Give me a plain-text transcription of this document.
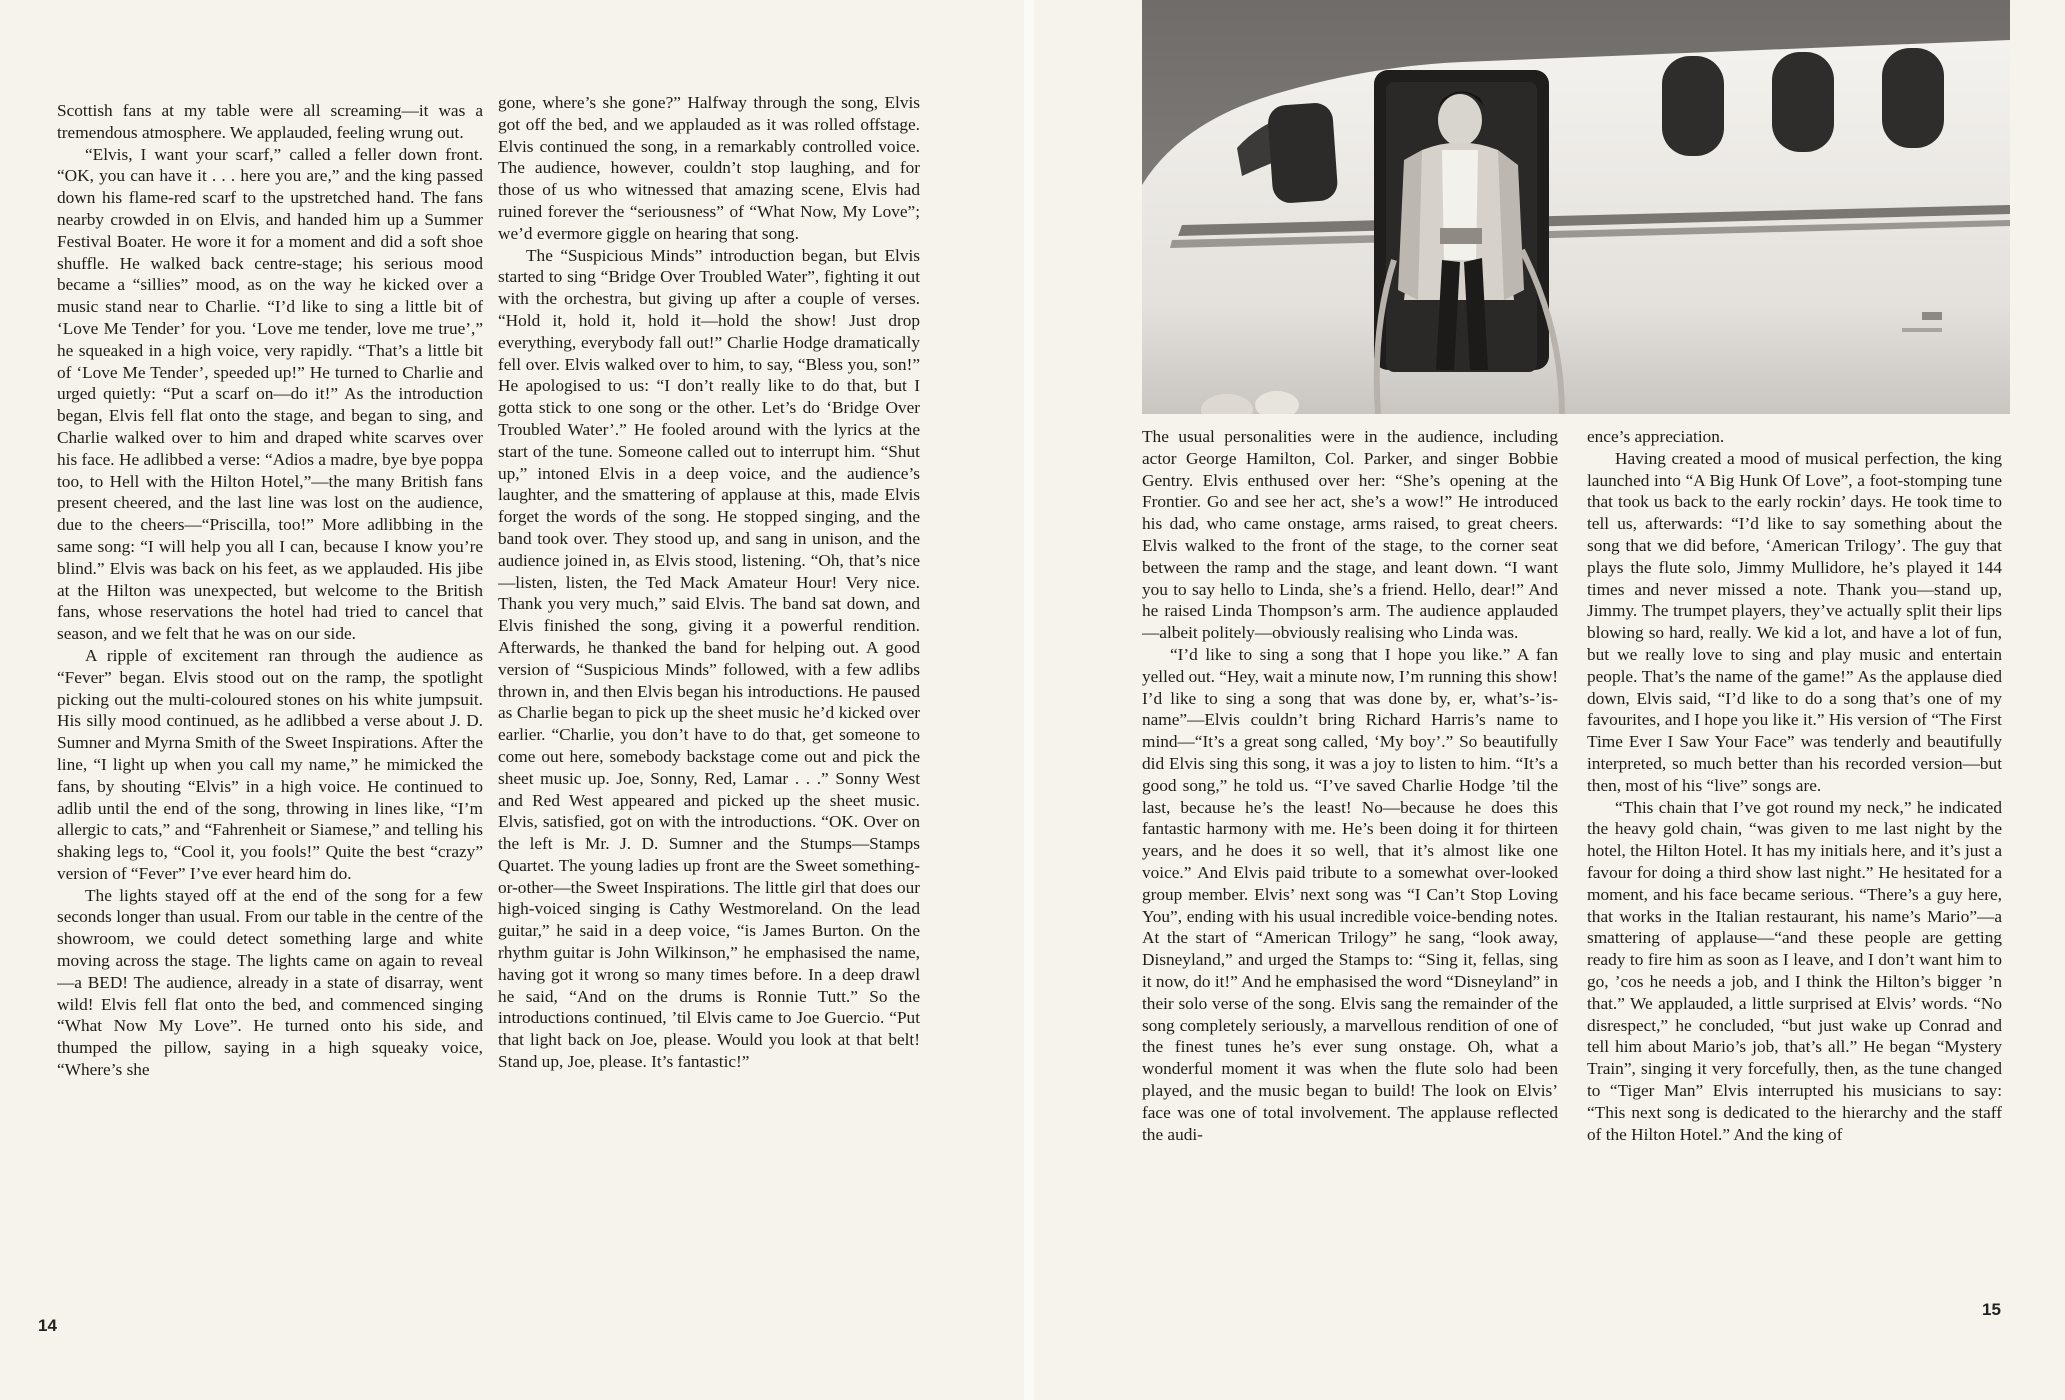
Scottish fans at my table were all screaming—it was a tremendous atmosphere. We applauded, feeling wrung out.

“Elvis, I want your scarf,” called a feller down front. “OK, you can have it . . . here you are,” and the king passed down his flame-red scarf to the upstretched hand. The fans nearby crowded in on Elvis, and handed him up a Summer Festival Boater. He wore it for a moment and did a soft shoe shuffle. He walked back centre-stage; his serious mood became a “sillies” mood, as on the way he kicked over a music stand near to Charlie. “I’d like to sing a little bit of ‘Love Me Tender’ for you. ‘Love me tender, love me true’,” he squeaked in a high voice, very rapidly. “That’s a little bit of ‘Love Me Tender’, speeded up!” He turned to Charlie and urged quietly: “Put a scarf on—do it!” As the introduction began, Elvis fell flat onto the stage, and began to sing, and Charlie walked over to him and draped white scarves over his face. He adlibbed a verse: “Adios a madre, bye bye poppa too, to Hell with the Hilton Hotel,”—the many British fans present cheered, and the last line was lost on the audience, due to the cheers—“Priscilla, too!” More adlibbing in the same song: “I will help you all I can, because I know you’re blind.” Elvis was back on his feet, as we applauded. His jibe at the Hilton was unexpected, but welcome to the British fans, whose reservations the hotel had tried to cancel that season, and we felt that he was on our side.

A ripple of excitement ran through the audience as “Fever” began. Elvis stood out on the ramp, the spotlight picking out the multi-coloured stones on his white jumpsuit. His silly mood continued, as he adlibbed a verse about J. D. Sumner and Myrna Smith of the Sweet Inspirations. After the line, “I light up when you call my name,” he mimicked the fans, by shouting “Elvis” in a high voice. He continued to adlib until the end of the song, throwing in lines like, “I’m allergic to cats,” and “Fahrenheit or Siamese,” and telling his shaking legs to, “Cool it, you fools!” Quite the best “crazy” version of “Fever” I’ve ever heard him do.

The lights stayed off at the end of the song for a few seconds longer than usual. From our table in the centre of the showroom, we could detect something large and white moving across the stage. The lights came on again to reveal—a BED! The audience, already in a state of disarray, went wild! Elvis fell flat onto the bed, and commenced singing “What Now My Love”. He turned onto his side, and thumped the pillow, saying in a high squeaky voice, “Where’s she

gone, where’s she gone?” Halfway through the song, Elvis got off the bed, and we applauded as it was rolled offstage. Elvis continued the song, in a remarkably controlled voice. The audience, however, couldn’t stop laughing, and for those of us who witnessed that amazing scene, Elvis had ruined forever the “seriousness” of “What Now, My Love”; we’d evermore giggle on hearing that song.

The “Suspicious Minds” introduction began, but Elvis started to sing “Bridge Over Troubled Water”, fighting it out with the orchestra, but giving up after a couple of verses. “Hold it, hold it, hold it—hold the show! Just drop everything, everybody fall out!” Charlie Hodge dramatically fell over. Elvis walked over to him, to say, “Bless you, son!” He apologised to us: “I don’t really like to do that, but I gotta stick to one song or the other. Let’s do ‘Bridge Over Troubled Water’.” He fooled around with the lyrics at the start of the tune. Someone called out to interrupt him. “Shut up,” intoned Elvis in a deep voice, and the audience’s laughter, and the smattering of applause at this, made Elvis forget the words of the song. He stopped singing, and the band took over. They stood up, and sang in unison, and the audience joined in, as Elvis stood, listening. “Oh, that’s nice—listen, listen, the Ted Mack Amateur Hour! Very nice. Thank you very much,” said Elvis. The band sat down, and Elvis finished the song, giving it a powerful rendition. Afterwards, he thanked the band for helping out. A good version of “Suspicious Minds” followed, with a few adlibs thrown in, and then Elvis began his introductions. He paused as Charlie began to pick up the sheet music he’d kicked over earlier. “Charlie, you don’t have to do that, get someone to come out here, somebody backstage come out and pick the sheet music up. Joe, Sonny, Red, Lamar . . .” Sonny West and Red West appeared and picked up the sheet music. Elvis, satisfied, got on with the introductions. “OK. Over on the left is Mr. J. D. Sumner and the Stumps—Stamps Quartet. The young ladies up front are the Sweet something-or-other—the Sweet Inspirations. The little girl that does our high-voiced singing is Cathy Westmoreland. On the lead guitar,” he said in a deep voice, “is James Burton. On the rhythm guitar is John Wilkinson,” he emphasised the name, having got it wrong so many times before. In a deep drawl he said, “And on the drums is Ronnie Tutt.” So the introductions continued, ’til Elvis came to Joe Guercio. “Put that light back on Joe, please. Would you look at that belt! Stand up, Joe, please. It’s fantastic!”

14

The usual personalities were in the audience, including actor George Hamilton, Col. Parker, and singer Bobbie Gentry. Elvis enthused over her: “She’s opening at the Frontier. Go and see her act, she’s a wow!” He introduced his dad, who came onstage, arms raised, to great cheers. Elvis walked to the front of the stage, to the corner seat between the ramp and the stage, and leant down. “I want you to say hello to Linda, she’s a friend. Hello, dear!” And he raised Linda Thompson’s arm. The audience applauded—albeit politely—obviously realising who Linda was.

“I’d like to sing a song that I hope you like.” A fan yelled out. “Hey, wait a minute now, I’m running this show! I’d like to sing a song that was done by, er, what’s-’is-name”—Elvis couldn’t bring Richard Harris’s name to mind—“It’s a great song called, ‘My boy’.” So beautifully did Elvis sing this song, it was a joy to listen to him. “It’s a good song,” he told us. “I’ve saved Charlie Hodge ’til the last, because he’s the least! No—because he does this fantastic harmony with me. He’s been doing it for thirteen years, and he does it so well, that it’s almost like one voice.” And Elvis paid tribute to a somewhat over-looked group member. Elvis’ next song was “I Can’t Stop Loving You”, ending with his usual incredible voice-bending notes. At the start of “American Trilogy” he sang, “look away, Disneyland,” and urged the Stamps to: “Sing it, fellas, sing it now, do it!” And he emphasised the word “Disneyland” in their solo verse of the song. Elvis sang the remainder of the song completely seriously, a marvellous rendition of one of the finest tunes he’s ever sung onstage. Oh, what a wonderful moment it was when the flute solo had been played, and the music began to build! The look on Elvis’ face was one of total involvement. The applause reflected the audi-

ence’s appreciation.

Having created a mood of musical perfection, the king launched into “A Big Hunk Of Love”, a foot-stomping tune that took us back to the early rockin’ days. He took time to tell us, afterwards: “I’d like to say something about the song that we did before, ‘American Trilogy’. The guy that plays the flute solo, Jimmy Mullidore, he’s played it 144 times and never missed a note. Thank you—stand up, Jimmy. The trumpet players, they’ve actually split their lips blowing so hard, really. We kid a lot, and have a lot of fun, but we really love to sing and play music and entertain people. That’s the name of the game!” As the applause died down, Elvis said, “I’d like to do a song that’s one of my favourites, and I hope you like it.” His version of “The First Time Ever I Saw Your Face” was tenderly and beautifully interpreted, so much better than his recorded version—but then, most of his “live” songs are.

“This chain that I’ve got round my neck,” he indicated the heavy gold chain, “was given to me last night by the hotel, the Hilton Hotel. It has my initials here, and it’s just a favour for doing a third show last night.” He hesitated for a moment, and his face became serious. “There’s a guy here, that works in the Italian restaurant, his name’s Mario”—a smattering of applause—“and these people are getting ready to fire him as soon as I leave, and I don’t want him to go, ’cos he needs a job, and I think the Hilton’s bigger ’n that.” We applauded, a little surprised at Elvis’ words. “No disrespect,” he concluded, “but just wake up Conrad and tell him about Mario’s job, that’s all.” He began “Mystery Train”, singing it very forcefully, then, as the tune changed to “Tiger Man” Elvis interrupted his musicians to say: “This next song is dedicated to the hierarchy and the staff of the Hilton Hotel.” And the king of

15
